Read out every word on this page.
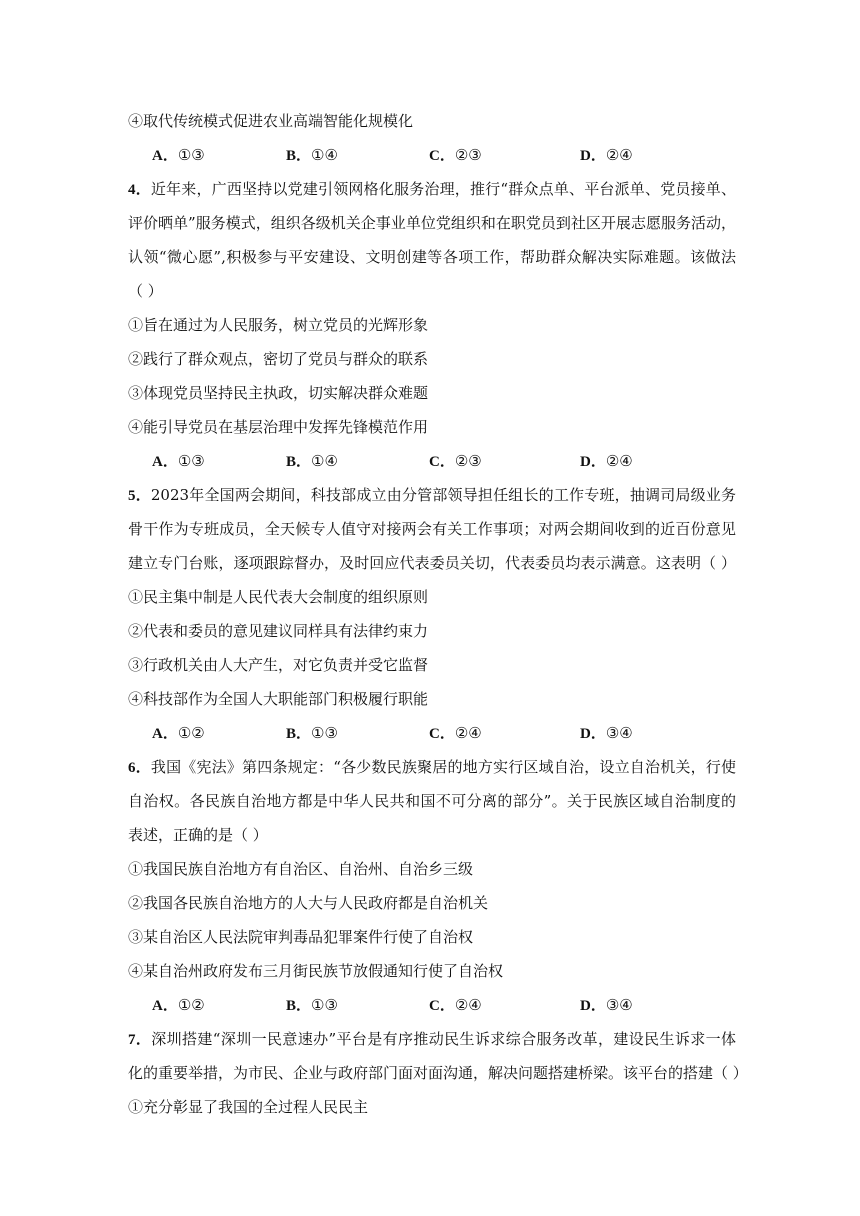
④取代传统模式促进农业高端智能化规模化
A．①③	B．①④	C．②③	D．②④
4．近年来，广西坚持以党建引领网格化服务治理，推行“群众点单、平台派单、党员接单、
评价晒单”服务模式，组织各级机关企事业单位党组织和在职党员到社区开展志愿服务活动，
认领“微心愿”,积极参与平安建设、文明创建等各项工作，帮助群众解决实际难题。该做法
（ ）
①旨在通过为人民服务，树立党员的光辉形象
②践行了群众观点，密切了党员与群众的联系
③体现党员坚持民主执政，切实解决群众难题
④能引导党员在基层治理中发挥先锋模范作用
A．①③	B．①④	C．②③	D．②④
5．2023年全国两会期间，科技部成立由分管部领导担任组长的工作专班，抽调司局级业务
骨干作为专班成员，全天候专人值守对接两会有关工作事项；对两会期间收到的近百份意见
建立专门台账，逐项跟踪督办，及时回应代表委员关切，代表委员均表示满意。这表明（ ）
①民主集中制是人民代表大会制度的组织原则
②代表和委员的意见建议同样具有法律约束力
③行政机关由人大产生，对它负责并受它监督
④科技部作为全国人大职能部门积极履行职能
A．①②	B．①③	C．②④	D．③④
6．我国《宪法》第四条规定：“各少数民族聚居的地方实行区域自治，设立自治机关，行使
自治权。各民族自治地方都是中华人民共和国不可分离的部分”。关于民族区域自治制度的
表述，正确的是（ ）
①我国民族自治地方有自治区、自治州、自治乡三级
②我国各民族自治地方的人大与人民政府都是自治机关
③某自治区人民法院审判毒品犯罪案件行使了自治权
④某自治州政府发布三月街民族节放假通知行使了自治权
A．①②	B．①③	C．②④	D．③④
7．深圳搭建“深圳一民意速办”平台是有序推动民生诉求综合服务改革，建设民生诉求一体
化的重要举措，为市民、企业与政府部门面对面沟通，解决问题搭建桥梁。该平台的搭建（ ）
①充分彰显了我国的全过程人民民主
